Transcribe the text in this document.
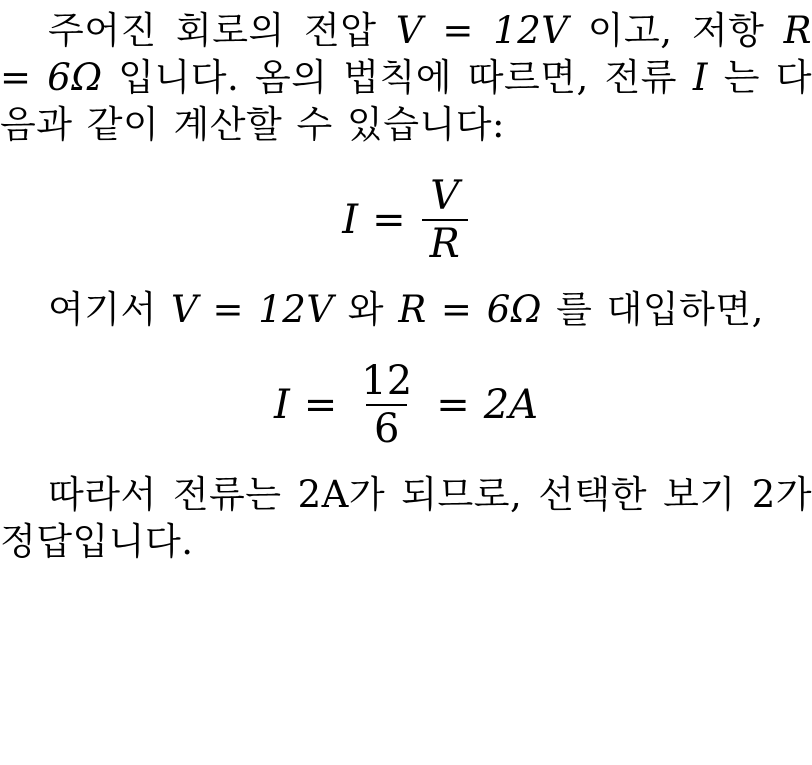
주어진 회로의 전압 V = 12V 이고, 저항 R = 6Ω 입니다. 옴의 법칙에 따르면, 전류 I 는 다음과 같이 계산할 수 있습니다:
$I = \frac{V}{R}$
여기서 V = 12V 와 R = 6Ω 를 대입하면,
$I = \frac{12}{6} = 2A$
따라서 전류는 2A가 되므로, 선택한 보기 2가 정답입니다.
